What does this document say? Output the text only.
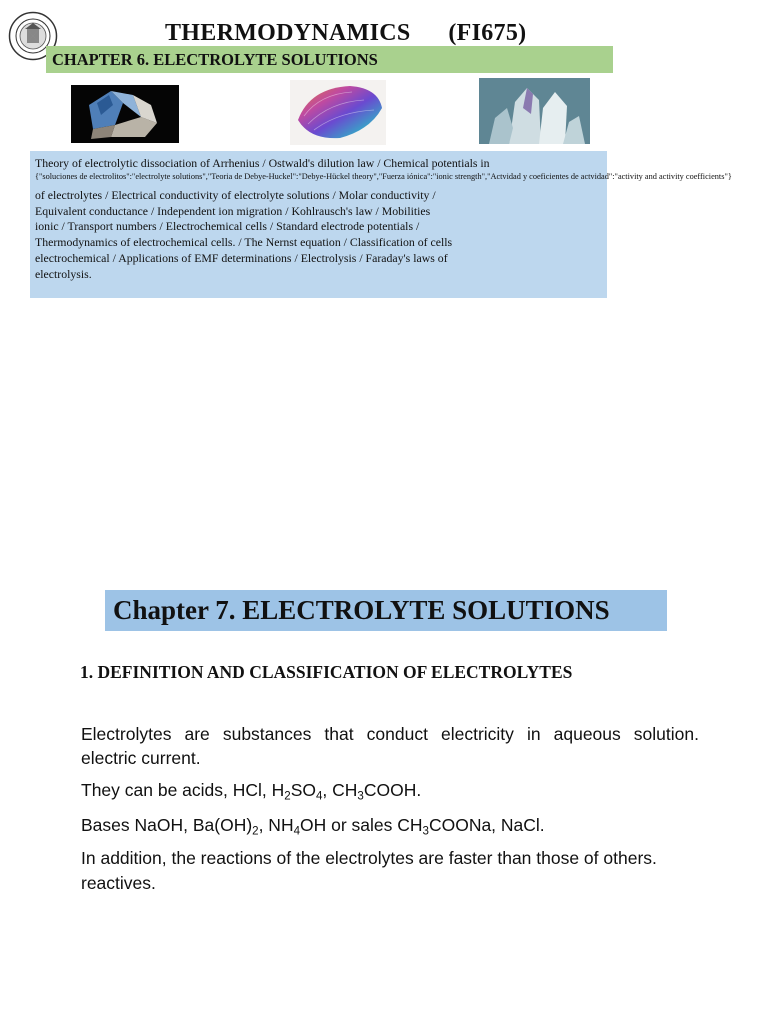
THERMODYNAMICS      (FI675)
CHAPTER 6. ELECTROLYTE SOLUTIONS
Theory of electrolytic dissociation of Arrhenius / Ostwald's dilution law / Chemical potentials in
{"soluciones de electrolitos":"electrolyte solutions","Teoria de Debye-Huckel":"Debye-Hückel theory","Fuerza iónica":"ionic strength","Actvidad y coeficientes de actvidad":"activity and activity coefficients"}
of electrolytes / Electrical conductivity of electrolyte solutions / Molar conductivity /
Equivalent conductance / Independent ion migration / Kohlrausch's law / Mobilities
ionic / Transport numbers / Electrochemical cells / Standard electrode potentials /
Thermodynamics of electrochemical cells. / The Nernst equation / Classification of cells
electrochemical / Applications of EMF determinations / Electrolysis / Faraday's laws of
electrolysis.
Chapter 7. ELECTROLYTE SOLUTIONS
1. DEFINITION AND CLASSIFICATION OF ELECTROLYTES
Electrolytes are substances that conduct electricity in aqueous solution.
electric current.
They can be acids, HCl, $H_2SO_4$, $CH_3COOH$.
Bases NaOH, $Ba(OH)_2$, $NH_4OH$ or sales $CH_3COONa$, NaCl.
In addition, the reactions of the electrolytes are faster than those of others.
reactives.
